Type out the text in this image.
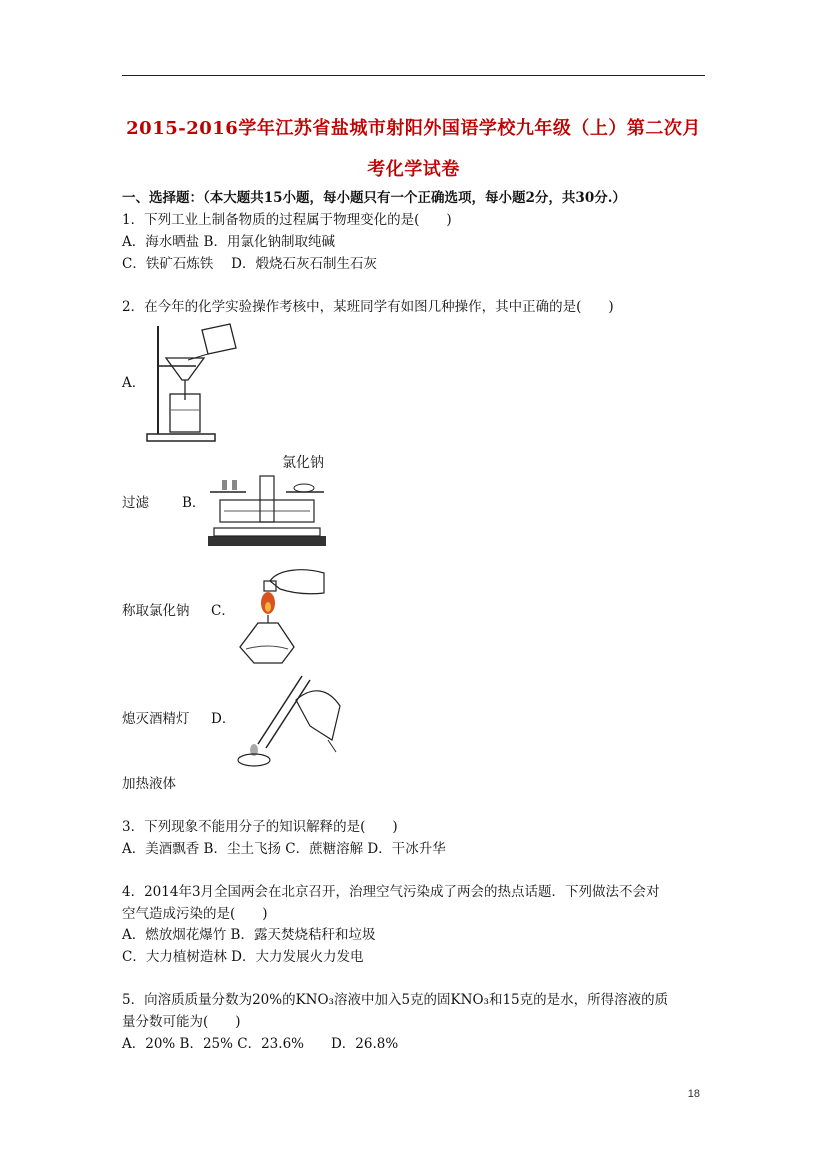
2015-2016学年江苏省盐城市射阳外国语学校九年级（上）第二次月
考化学试卷
一、选择题：（本大题共15小题，每小题只有一个正确选项，每小题2分，共30分.）
1．下列工业上制备物质的过程属于物理变化的是(　　)
A．海水晒盐 B．用氯化钠制取纯碱
C．铁矿石炼铁　 D．煅烧石灰石制生石灰
2．在今年的化学实验操作考核中，某班同学有如图几种操作，其中正确的是(　　)
A．
过滤 B．
氯化钠
称取氯化钠 C．
熄灭酒精灯 D．
加热液体
3．下列现象不能用分子的知识解释的是(　　)
A．美酒飘香 B．尘土飞扬 C．蔗糖溶解 D．干冰升华
4．2014年3月全国两会在北京召开，治理空气污染成了两会的热点话题．下列做法不会对
空气造成污染的是(　　)
A．燃放烟花爆竹 B．露天焚烧秸秆和垃圾
C．大力植树造林 D．大力发展火力发电
5．向溶质质量分数为20%的KNO₃溶液中加入5克的固KNO₃和15克的是水，所得溶液的质
量分数可能为(　　)
A．20% B．25% C．23.6%　　D．26.8%
18
